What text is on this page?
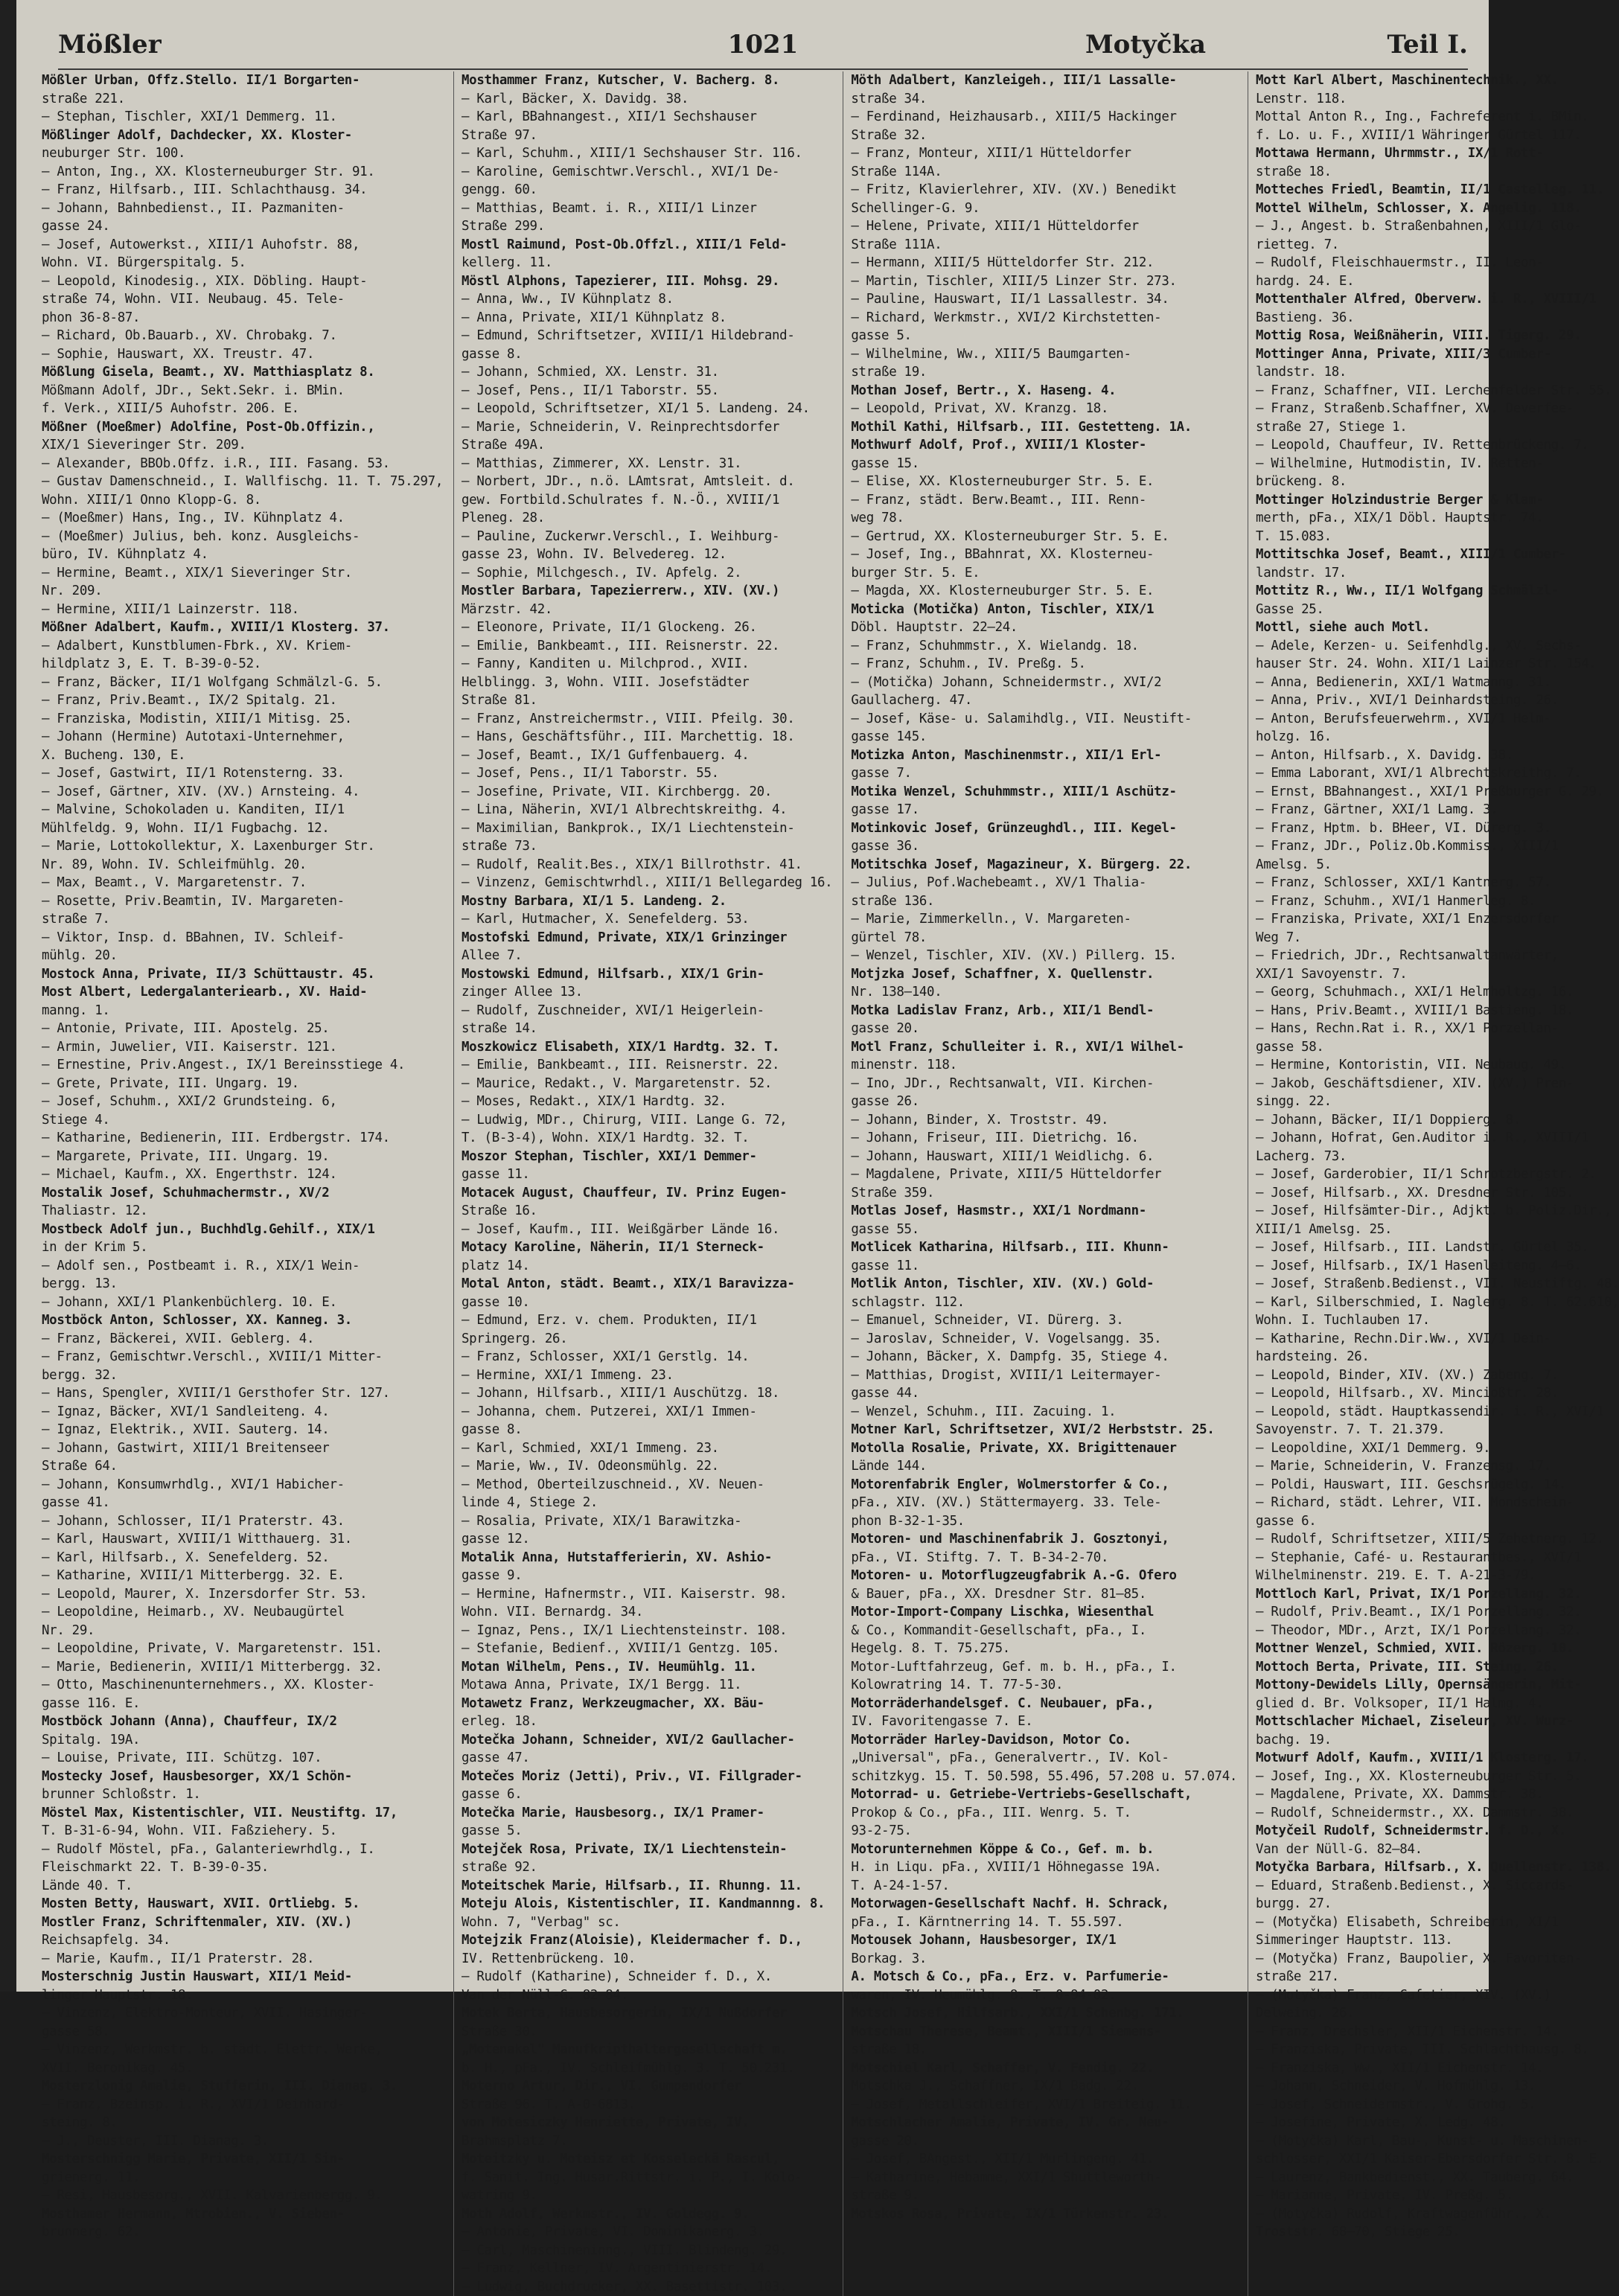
Mößler	1021	Motyčka	Teil I.
Mößler Urban, Offz.Stello. II/1 Borgarten-
straße 221.
— Stephan, Tischler, XXI/1 Demmerg. 11.
Mößlinger Adolf, Dachdecker, XX. Kloster-
neuburger Str. 100.
— Anton, Ing., XX. Klosterneuburger Str. 91.
— Franz, Hilfsarb., III. Schlachthausg. 34.
— Johann, Bahnbedienst., II. Pazmaniten-
gasse 24.
— Josef, Autowerkst., XIII/1 Auhofstr. 88,
Wohn. VI. Bürgerspitalg. 5.
— Leopold, Kinodesig., XIX. Döbling. Haupt-
straße 74, Wohn. VII. Neubaug. 45. Tele-
phon 36-8-87.
— Richard, Ob.Bauarb., XV. Chrobakg. 7.
— Sophie, Hauswart, XX. Treustr. 47.
Mößlung Gisela, Beamt., XV. Matthiasplatz 8.
Mößmann Adolf, JDr., Sekt.Sekr. i. BMin.
f. Verk., XIII/5 Auhofstr. 206. E.
Mößner (Moeßmer) Adolfine, Post-Ob.Offizin.,
XIX/1 Sieveringer Str. 209.
— Alexander, BBOb.Offz. i.R., III. Fasang. 53.
— Gustav Damenschneid., I. Wallfischg. 11. T. 75.297,
Wohn. XIII/1 Onno Klopp-G. 8.
— (Moeßmer) Hans, Ing., IV. Kühnplatz 4.
— (Moeßmer) Julius, beh. konz. Ausgleichs-
büro, IV. Kühnplatz 4.
— Hermine, Beamt., XIX/1 Sieveringer Str.
Nr. 209.
— Hermine, XIII/1 Lainzerstr. 118.
Mößner Adalbert, Kaufm., XVIII/1 Klosterg. 37.
— Adalbert, Kunstblumen-Fbrk., XV. Kriem-
hildplatz 3, E. T. B-39-0-52.
— Franz, Bäcker, II/1 Wolfgang Schmälzl-G. 5.
— Franz, Priv.Beamt., IX/2 Spitalg. 21.
— Franziska, Modistin, XIII/1 Mitisg. 25.
— Johann (Hermine) Autotaxi-Unternehmer,
X. Bucheng. 130, E.
— Josef, Gastwirt, II/1 Rotensterng. 33.
— Josef, Gärtner, XIV. (XV.) Arnsteing. 4.
— Malvine, Schokoladen u. Kanditen, II/1
Mühlfeldg. 9, Wohn. II/1 Fugbachg. 12.
— Marie, Lottokollektur, X. Laxenburger Str.
Nr. 89, Wohn. IV. Schleifmühlg. 20.
— Max, Beamt., V. Margaretenstr. 7.
— Rosette, Priv.Beamtin, IV. Margareten-
straße 7.
— Viktor, Insp. d. BBahnen, IV. Schleif-
mühlg. 20.
Mostock Anna, Private, II/3 Schüttaustr. 45.
Most Albert, Ledergalanteriearb., XV. Haid-
manng. 1.
— Antonie, Private, III. Apostelg. 25.
— Armin, Juwelier, VII. Kaiserstr. 121.
— Ernestine, Priv.Angest., IX/1 Bereinsstiege 4.
— Grete, Private, III. Ungarg. 19.
— Josef, Schuhm., XXI/2 Grundsteing. 6,
Stiege 4.
— Katharine, Bedienerin, III. Erdbergstr. 174.
— Margarete, Private, III. Ungarg. 19.
— Michael, Kaufm., XX. Engerthstr. 124.
Mostalik Josef, Schuhmachermstr., XV/2
Thaliastr. 12.
Mostbeck Adolf jun., Buchhdlg.Gehilf., XIX/1
in der Krim 5.
— Adolf sen., Postbeamt i. R., XIX/1 Wein-
bergg. 13.
— Johann, XXI/1 Plankenbüchlerg. 10. E.
Mostböck Anton, Schlosser, XX. Kanneg. 3.
— Franz, Bäckerei, XVII. Geblerg. 4.
— Franz, Gemischtwr.Verschl., XVIII/1 Mitter-
bergg. 32.
— Hans, Spengler, XVIII/1 Gersthofer Str. 127.
— Ignaz, Bäcker, XVI/1 Sandleiteng. 4.
— Ignaz, Elektrik., XVII. Sauterg. 14.
— Johann, Gastwirt, XIII/1 Breitenseer
Straße 64.
— Johann, Konsumwrhdlg., XVI/1 Habicher-
gasse 41.
— Johann, Schlosser, II/1 Praterstr. 43.
— Karl, Hauswart, XVIII/1 Witthauerg. 31.
— Karl, Hilfsarb., X. Senefelderg. 52.
— Katharine, XVIII/1 Mitterbergg. 32. E.
— Leopold, Maurer, X. Inzersdorfer Str. 53.
— Leopoldine, Heimarb., XV. Neubaugürtel
Nr. 29.
— Leopoldine, Private, V. Margaretenstr. 151.
— Marie, Bedienerin, XVIII/1 Mitterbergg. 32.
— Otto, Maschinenunternehmers., XX. Kloster-
gasse 116. E.
Mostböck Johann (Anna), Chauffeur, IX/2
Spitalg. 19A.
— Louise, Private, III. Schützg. 107.
Mostecky Josef, Hausbesorger, XX/1 Schön-
brunner Schloßstr. 1.
Möstel Max, Kistentischler, VII. Neustiftg. 17,
T. B-31-6-94, Wohn. VII. Faßziehery. 5.
— Rudolf Möstel, pFa., Galanteriewrhdlg., I.
Fleischmarkt 22. T. B-39-0-35.
Lände 40. T.
Mosten Betty, Hauswart, XVII. Ortliebg. 5.
Mostler Franz, Schriftenmaler, XIV. (XV.)
Reichsapfelg. 34.
— Marie, Kaufm., II/1 Praterstr. 28.
Mosterschnig Justin Hauswart, XII/1 Meid-
linger Hauptstr. 18.
— Vinzenz, Elektro-Monteur, XVII. Hasinger-
gasse 58.
— Vinzenz, Werkmstr. b. städt. Elettr. Werke,
XVII. Beronikag. 45.
Mosterzlonig Amalie, Stufferin, III. Dianag. 3.
— Franz, Bzeinsp. i. R., XVI/1 Deinhard-
steing. 8.
— J., Deuster, III. Dianag. 3.
Mosterschnigg Marie, Private, XII/1 Sin-
grienerg. 11.
— Resi, Hausbesorg., XVII. Kalvarienbergg. 9.
Mosthamer Hermann, Mtrobien., V. Sieben-
brunnerg. 62.
Mosthammer Franz, Kutscher, V. Bacherg. 8.
— Karl, Bäcker, X. Davidg. 38.
— Karl, BBahnangest., XII/1 Sechshauser
Straße 97.
— Karl, Schuhm., XIII/1 Sechshauser Str. 116.
— Karoline, Gemischtwr.Verschl., XVI/1 De-
gengg. 60.
— Matthias, Beamt. i. R., XIII/1 Linzer
Straße 299.
Mostl Raimund, Post-Ob.Offzl., XIII/1 Feld-
kellerg. 11.
Möstl Alphons, Tapezierer, III. Mohsg. 29.
— Anna, Ww., IV Kühnplatz 8.
— Anna, Private, XII/1 Kühnplatz 8.
— Edmund, Schriftsetzer, XVIII/1 Hildebrand-
gasse 8.
— Johann, Schmied, XX. Lenstr. 31.
— Josef, Pens., II/1 Taborstr. 55.
— Leopold, Schriftsetzer, XI/1 5. Landeng. 24.
— Marie, Schneiderin, V. Reinprechtsdorfer
Straße 49A.
— Matthias, Zimmerer, XX. Lenstr. 31.
— Norbert, JDr., n.ö. LAmtsrat, Amtsleit. d.
gew. Fortbild.Schulrates f. N.-Ö., XVIII/1
Pleneg. 28.
— Pauline, Zuckerwr.Verschl., I. Weihburg-
gasse 23, Wohn. IV. Belvedereg. 12.
— Sophie, Milchgesch., IV. Apfelg. 2.
Mostler Barbara, Tapezierrerw., XIV. (XV.)
Märzstr. 42.
— Eleonore, Private, II/1 Glockeng. 26.
— Emilie, Bankbeamt., III. Reisnerstr. 22.
— Fanny, Kanditen u. Milchprod., XVII.
Helblingg. 3, Wohn. VIII. Josefstädter
Straße 81.
— Franz, Anstreichermstr., VIII. Pfeilg. 30.
— Hans, Geschäftsführ., III. Marchettig. 18.
— Josef, Beamt., IX/1 Guffenbauerg. 4.
— Josef, Pens., II/1 Taborstr. 55.
— Josefine, Private, VII. Kirchbergg. 20.
— Lina, Näherin, XVI/1 Albrechtskreithg. 4.
— Maximilian, Bankprok., IX/1 Liechtenstein-
straße 73.
— Rudolf, Realit.Bes., XIX/1 Billrothstr. 41.
— Vinzenz, Gemischtwrhdl., XIII/1 Bellegardeg 16.
Mostny Barbara, XI/1 5. Landeng. 2.
— Karl, Hutmacher, X. Senefelderg. 53.
Mostofski Edmund, Private, XIX/1 Grinzinger
Allee 7.
Mostowski Edmund, Hilfsarb., XIX/1 Grin-
zinger Allee 13.
— Rudolf, Zuschneider, XVI/1 Heigerlein-
straße 14.
Moszkowicz Elisabeth, XIX/1 Hardtg. 32. T.
— Emilie, Bankbeamt., III. Reisnerstr. 22.
— Maurice, Redakt., V. Margaretenstr. 52.
— Moses, Redakt., XIX/1 Hardtg. 32.
— Ludwig, MDr., Chirurg, VIII. Lange G. 72,
T. (B-3-4), Wohn. XIX/1 Hardtg. 32. T.
Moszor Stephan, Tischler, XXI/1 Demmer-
gasse 11.
Motacek August, Chauffeur, IV. Prinz Eugen-
Straße 16.
— Josef, Kaufm., III. Weißgärber Lände 16.
Motacy Karoline, Näherin, II/1 Sterneck-
platz 14.
Motal Anton, städt. Beamt., XIX/1 Baravizza-
gasse 10.
— Edmund, Erz. v. chem. Produkten, II/1
Springerg. 26.
— Franz, Schlosser, XXI/1 Gerstlg. 14.
— Hermine, XXI/1 Immeng. 23.
— Johann, Hilfsarb., XIII/1 Auschützg. 18.
— Johanna, chem. Putzerei, XXI/1 Immen-
gasse 8.
— Karl, Schmied, XXI/1 Immeng. 23.
— Marie, Ww., IV. Odeonsmühlg. 22.
— Method, Oberteilzuschneid., XV. Neuen-
linde 4, Stiege 2.
— Rosalia, Private, XIX/1 Barawitzka-
gasse 12.
Motalik Anna, Hutstafferierin, XV. Ashio-
gasse 9.
— Hermine, Hafnermstr., VII. Kaiserstr. 98.
Wohn. VII. Bernardg. 34.
— Ignaz, Pens., IX/1 Liechtensteinstr. 108.
— Stefanie, Bedienf., XVIII/1 Gentzg. 105.
Motan Wilhelm, Pens., IV. Heumühlg. 11.
Motawa Anna, Private, IX/1 Bergg. 11.
Motawetz Franz, Werkzeugmacher, XX. Bäu-
erleg. 18.
Motečka Johann, Schneider, XVI/2 Gaullacher-
gasse 47.
Motečes Moriz (Jetti), Priv., VI. Fillgrader-
gasse 6.
Motečka Marie, Hausbesorg., IX/1 Pramer-
gasse 5.
Motejček Rosa, Private, IX/1 Liechtenstein-
straße 92.
Moteitschek Marie, Hilfsarb., II. Rhunng. 11.
Moteju Alois, Kistentischler, II. Kandmannng. 8.
Wohn. 7, "Verbag" sc.
Motejzik Franz(Aloisie), Kleidermacher f. D.,
IV. Rettenbrückeng. 10.
— Rudolf (Katharine), Schneider f. D., X.
Van der Nüll-G. 82—84.
Motek Berta, Hausbesorgerin, IX/1 Nußdorfer
Straße 30.
„Motenakel" Manufkripthaltergesellschaft m.
b. H., pFa., IV. Schleifmühlg. 3. T. 50.231.
Moterno Artur, Dir., VI. Gumpendorfer
Straße 96. T. A-0-6813.
von Motesiczky Henriette, Private, IV.
Brahmsplatz 7.
Moteitzky u. Moteisz et Kosseleckä Rascul,
f. Sanit. Ing. Husar.Rittstr. i. P., I. Kolo-
watring 9.
Moth Adolf, Werkmstr., IV. Goldegg. 9.
— Antonie, Private, VI. Dominikanerg. 3.
— Carl, Maschineninng., VIII. Blindeng. 29.
— Franz, Kellner, IV. Argentinierstr. 14.
— Ludwig, Buchdrucker, XX. Basettistr. 103.
Möth Adalbert, Kanzleigeh., III/1 Lassalle-
straße 34.
— Ferdinand, Heizhausarb., XIII/5 Hackinger
Straße 32.
— Franz, Monteur, XIII/1 Hütteldorfer
Straße 114A.
— Fritz, Klavierlehrer, XIV. (XV.) Benedikt
Schellinger-G. 9.
— Helene, Private, XIII/1 Hütteldorfer
Straße 111A.
— Hermann, XIII/5 Hütteldorfer Str. 212.
— Martin, Tischler, XIII/5 Linzer Str. 273.
— Pauline, Hauswart, II/1 Lassallestr. 34.
— Richard, Werkmstr., XVI/2 Kirchstetten-
gasse 5.
— Wilhelmine, Ww., XIII/5 Baumgarten-
straße 19.
Mothan Josef, Bertr., X. Haseng. 4.
— Leopold, Privat, XV. Kranzg. 18.
Mothil Kathi, Hilfsarb., III. Gestetteng. 1A.
Mothwurf Adolf, Prof., XVIII/1 Kloster-
gasse 15.
— Elise, XX. Klosterneuburger Str. 5. E.
— Franz, städt. Berw.Beamt., III. Renn-
weg 78.
— Gertrud, XX. Klosterneuburger Str. 5. E.
— Josef, Ing., BBahnrat, XX. Klosterneu-
burger Str. 5. E.
— Magda, XX. Klosterneuburger Str. 5. E.
Moticka (Motička) Anton, Tischler, XIX/1
Döbl. Hauptstr. 22—24.
— Franz, Schuhmmstr., X. Wielandg. 18.
— Franz, Schuhm., IV. Preßg. 5.
— (Motička) Johann, Schneidermstr., XVI/2
Gaullacherg. 47.
— Josef, Käse- u. Salamihdlg., VII. Neustift-
gasse 145.
Motizka Anton, Maschinenmstr., XII/1 Erl-
gasse 7.
Motika Wenzel, Schuhmmstr., XIII/1 Aschütz-
gasse 17.
Motinkovic Josef, Grünzeughdl., III. Kegel-
gasse 36.
Motitschka Josef, Magazineur, X. Bürgerg. 22.
— Julius, Pof.Wachebeamt., XV/1 Thalia-
straße 136.
— Marie, Zimmerkelln., V. Margareten-
gürtel 78.
— Wenzel, Tischler, XIV. (XV.) Pillerg. 15.
Motjzka Josef, Schaffner, X. Quellenstr.
Nr. 138—140.
Motka Ladislav Franz, Arb., XII/1 Bendl-
gasse 20.
Motl Franz, Schulleiter i. R., XVI/1 Wilhel-
minenstr. 118.
— Ino, JDr., Rechtsanwalt, VII. Kirchen-
gasse 26.
— Johann, Binder, X. Troststr. 49.
— Johann, Friseur, III. Dietrichg. 16.
— Johann, Hauswart, XIII/1 Weidlichg. 6.
— Magdalene, Private, XIII/5 Hütteldorfer
Straße 359.
Motlas Josef, Hasmstr., XXI/1 Nordmann-
gasse 55.
Motlicek Katharina, Hilfsarb., III. Khunn-
gasse 11.
Motlik Anton, Tischler, XIV. (XV.) Gold-
schlagstr. 112.
— Emanuel, Schneider, VI. Dürerg. 3.
— Jaroslav, Schneider, V. Vogelsangg. 35.
— Johann, Bäcker, X. Dampfg. 35, Stiege 4.
— Matthias, Drogist, XVIII/1 Leitermayer-
gasse 44.
— Wenzel, Schuhm., III. Zacuing. 1.
Motner Karl, Schriftsetzer, XVI/2 Herbststr. 25.
Motolla Rosalie, Private, XX. Brigittenauer
Lände 144.
Motorenfabrik Engler, Wolmerstorfer & Co.,
pFa., XIV. (XV.) Stättermayerg. 33. Tele-
phon B-32-1-35.
Motoren- und Maschinenfabrik J. Gosztonyi,
pFa., VI. Stiftg. 7. T. B-34-2-70.
Motoren- u. Motorflugzeugfabrik A.-G. Ofero
& Bauer, pFa., XX. Dresdner Str. 81—85.
Motor-Import-Company Lischka, Wiesenthal
& Co., Kommandit-Gesellschaft, pFa., I.
Hegelg. 8. T. 75.275.
Motor-Luftfahrzeug, Gef. m. b. H., pFa., I.
Kolowratring 14. T. 77-5-30.
Motorräderhandelsgef. C. Neubauer, pFa.,
IV. Favoritengasse 7. E.
Motorräder Harley-Davidson, Motor Co.
„Universal", pFa., Generalvertr., IV. Kol-
schitzkyg. 15. T. 50.598, 55.496, 57.208 u. 57.074.
Motorrad- u. Getriebe-Vertriebs-Gesellschaft,
Prokop & Co., pFa., III. Wenrg. 5. T.
93-2-75.
Motorunternehmen Köppe & Co., Gef. m. b.
H. in Liqu. pFa., XVIII/1 Höhnegasse 19A.
T. A-24-1-57.
Motorwagen-Gesellschaft Nachf. H. Schrack,
pFa., I. Kärntnerring 14. T. 55.597.
Motousek Johann, Hausbesorger, IX/1
Borkag. 3.
A. Motsch & Co., pFa., Erz. v. Parfumerie-
waren, IV. Heumühlg. 8. T. 0-94-02.
Motsch Josef, Hilfsarb., XXI/1 Schenbg. 171.
Motschau Therese, Beamt., XIII/1 Siemens-
straße 18.
Motschiel Karl, Schaffer, V. Fendig. 22.
Motschka J., Schaffner, IX/1 Badg. 22.
— Josef, Metallschleifer, XVI/1 Breiteig. 11.
Motschlacher Amalie, Private, IV. Gr. Neu-
gasse 20.
— Josef, BAngest., XII/1 Murlingeng. 41.
— Katharine, Hebamme, XXI/1 Shuttleworth-
straße 9.
Motskos Rosa, Private, IX/1 Türkenstr. 23.
Mott Karl Albert, Maschinentechnik., XX.
Lenstr. 118.
Mottal Anton R., Ing., Fachreferent i. BMin.
f. Lo. u. F., XVIII/1 Währinger Gürtel 117.
Mottawa Hermann, Uhrmmstr., IX/1 Rott-
straße 18.
Motteches Friedl, Beamtin, II/1 Castelleg. 11.
Mottel Wilhelm, Schlosser, X. Angelig. 118.
— J., Angest. b. Straßenbahnen, XIII/1 Glo-
rietteg. 7.
— Rudolf, Fleischhauermstr., II. Leon-
hardg. 24. E.
Mottenthaler Alfred, Oberverw. i. R., XVIII/1
Bastieng. 36.
Mottig Rosa, Weißnäherin, VIII. Tigerg. 29.
Mottinger Anna, Private, XIII/3 Cumber-
landstr. 18.
— Franz, Schaffner, VII. Lerchenfelder Str. 55.
— Franz, Straßenb.Schaffner, XV. Deverfee-
straße 27, Stiege 1.
— Leopold, Chauffeur, IV. Rettenbrückeng. 7.
— Wilhelmine, Hutmodistin, IV. Retten-
brückeng. 8.
Mottinger Holzindustrie Berger & Klam-
merth, pFa., XIX/1 Döbl. Hauptstr. 74.
T. 15.083.
Mottitschka Josef, Beamt., XIII/1 Cumber-
landstr. 17.
Mottitz R., Ww., II/1 Wolfgang Schmälzl-
Gasse 25.
Mottl, siehe auch Motl.
— Adele, Kerzen- u. Seifenhdlg., XV. Sechs-
hauser Str. 24. Wohn. XII/1 Lainzer Str. 154.
— Anna, Bedienerin, XXI/1 Watmanng. 31.
— Anna, Priv., XVI/1 Deinhardsteing. 26.
— Anton, Berufsfeuerwehrm., XVI/1 Helm-
holzg. 16.
— Anton, Hilfsarb., X. Davidg. 38.
— Emma Laborant, XVI/1 Albrechtskreithg. 7.
— Ernst, BBahnangest., XXI/1 Preßburger G. 29.
— Franz, Gärtner, XXI/1 Lamg. 3.
— Franz, Hptm. b. BHeer, VI. Dürerg. 3.
— Franz, JDr., Poliz.Ob.Kommiss., XIII/1
Amelsg. 5.
— Franz, Schlosser, XXI/1 Kantnerg. 57.
— Franz, Schuhm., XVI/1 Hanmerleg. 8.
— Franziska, Private, XXI/1 Enzersdorfer
Weg 7.
— Friedrich, JDr., Rechtsanwaltanwärter,
XXI/1 Savoyenstr. 7.
— Georg, Schuhmach., XXI/1 Helmholtzg. 16.
— Hans, Priv.Beamt., XVIII/1 Bastieng. 18.
— Hans, Rechn.Rat i. R., XX/1 Porzellan-
gasse 58.
— Hermine, Kontoristin, VII. Neubaug. 49.
— Jakob, Geschäftsdiener, XIV. (XV.) Pren-
singg. 22.
— Johann, Bäcker, II/1 Doppierg. 8.
— Johann, Hofrat, Gen.Auditor i. R., XVIII/1
Lacherg. 73.
— Josef, Garderobier, II/1 Schrotzbergstr. 2.
— Josef, Hilfsarb., XX. Dresdner Str. 105.
— Josef, Hilfsämter-Dir., Adjkt. b. Poliz.Dir.,
XIII/1 Amelsg. 25.
— Josef, Hilfsarb., III. Landstr. Gürtel 35.
— Josef, Hilfsarb., IX/1 Hasenleiteng. 4—6.
— Josef, Straßenb.Bedienst., VII. Neustiftg. 48.
— Karl, Silberschmied, I. Naglerg. 8. T. 62.610,
Wohn. I. Tuchlauben 17.
— Katharine, Rechn.Dir.Ww., XVI/1 Dein-
hardsteing. 26.
— Leopold, Binder, XIV. (XV.) Zabeng. 7.
— Leopold, Hilfsarb., XV. Mincioßtr. 28.
— Leopold, städt. Hauptkassendir. i. R., XVI/1
Savoyenstr. 7. T. 21.379.
— Leopoldine, XXI/1 Demmerg. 9.
— Marie, Schneiderin, V. Franzensg. 17.
— Poldi, Hauswart, III. Geschsrügelg. 14.
— Richard, städt. Lehrer, VII. Mondschein-
gasse 6.
— Rudolf, Schriftsetzer, XIII/5 Zehetnerg. 12.
— Stephanie, Café- u. Restaurantbes., XVI/1
Wilhelminenstr. 219. E. T. A-21-3-79.
Mottloch Karl, Privat, IX/1 Porzellang. 32.
— Rudolf, Priv.Beamt., IX/1 Porzellang. 32.
— Theodor, MDr., Arzt, IX/1 Porzellang. 32.
Mottner Wenzel, Schmied, XVII. Rözerg. 10.
Mottoch Berta, Private, III. Steing. 26.
Mottony-Dewidels Lilly, Opernsängerin, Mit-
glied d. Br. Volksoper, II/1 Halmg. 4.
Mottschlacher Michael, Ziseleur, XV. Wurz-
bachg. 19.
Motwurf Adolf, Kaufm., XVIII/1 Klosterg. 17.
— Josef, Ing., XX. Klosterneuburger Str. 5.
— Magdalene, Private, XX. Dammstr. 38.
— Rudolf, Schneidermstr., XX. Dammstr. 38.
Motyčeil Rudolf, Schneidermstr. f. D., X.
Van der Nüll-G. 82—84.
Motyčka Barbara, Hilfsarb., X. Quellenstr. 138.
— Eduard, Straßenb.Bedienst., X. Siccards-
burgg. 27.
— (Motyčka) Elisabeth, Schreiberin, XI/1
Simmeringer Hauptstr. 113.
— (Motyčka) Franz, Baupolier, X. Favoriten-
straße 217.
— (Motyčka) Franz, Cafetier, XIV. (XV.)
Delweing. 26.
— Franz, Drechsler, XII/1 Eichenstr. 14.
— Franziska, Private, III. Schlachthausg. 8.
— Franziska, Ww., XII/1 Eichenstr. 14.
— Johann, Schneider, V. Hofmühlg. 13.
— Josef, Schneidermstr., V. Grohg. 5.
— Josefine, Private, X. Ledg. 48.
— (Motyčka) Karl, Bau-, Kunst- u. Maschinen-
schlosser, XXI/1 Kaiser-Ebersdorfer Str. 8. E.
— Laurenz, Bankbedienst., XX. Tauberg. 64.
— Marianne, Private, IV. Preßg. 5.
— (Motyčka) Rudolf, Kraftwagenführ., X.
Troststr. 68—70, Stiege 25.
